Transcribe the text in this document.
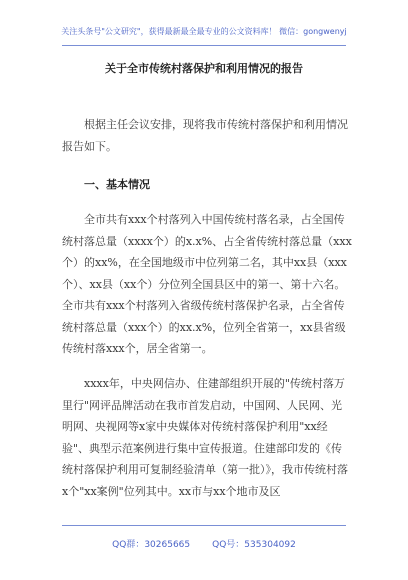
关注头条号"公文研究"，获得最新最全最专业的公文资料库！ 微信：gongwenyj
关于全市传统村落保护和利用情况的报告

根据主任会议安排，现将我市传统村落保护和利用情况报告如下。

一、基本情况

全市共有xxx个村落列入中国传统村落名录，占全国传统村落总量（xxxx个）的x.x%、占全省传统村落总量（xxx个）的xx%，在全国地级市中位列第二名，其中xx县（xxx个）、xx县（xx个）分位列全国县区中的第一、第十六名。全市共有xxx个村落列入省级传统村落保护名录，占全省传统村落总量（xxx个）的xx.x%，位列全省第一，xx县省级传统村落xxx个，居全省第一。

xxxx年，中央网信办、住建部组织开展的"传统村落万里行"网评品牌活动在我市首发启动，中国网、人民网、光明网、央视网等x家中央媒体对传统村落保护利用"xx经验"、典型示范案例进行集中宣传报道。住建部印发的《传统村落保护利用可复制经验清单（第一批）》，我市传统村落x个"xx案例"位列其中。xx市与xx个地市及区

QQ群：30265665 QQ号：535304092
